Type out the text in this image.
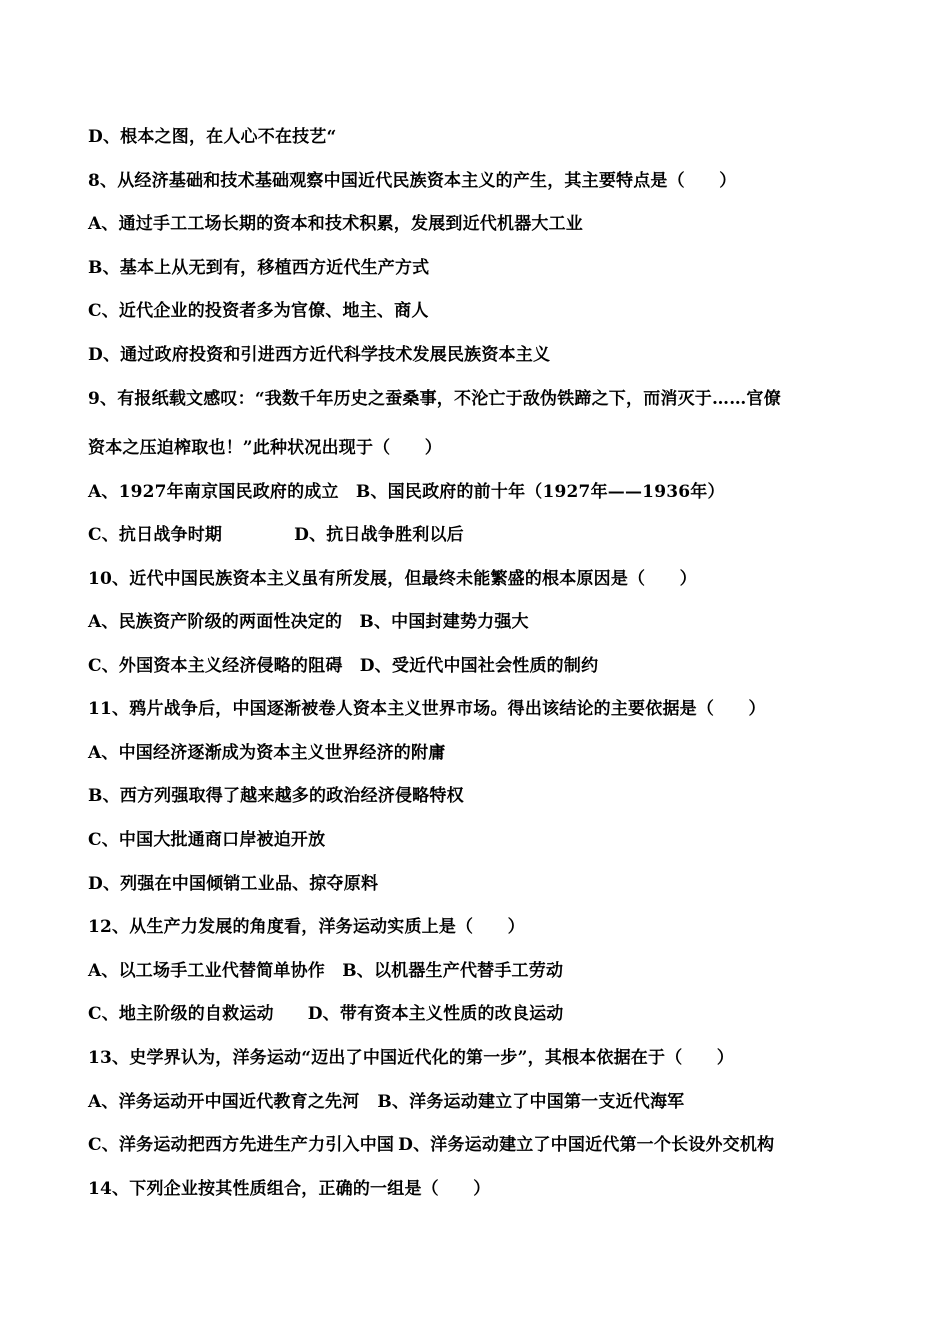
D、根本之图，在人心不在技艺“
8、从经济基础和技术基础观察中国近代民族资本主义的产生，其主要特点是（　　）
A、通过手工工场长期的资本和技术积累，发展到近代机器大工业
B、基本上从无到有，移植西方近代生产方式
C、近代企业的投资者多为官僚、地主、商人
D、通过政府投资和引进西方近代科学技术发展民族资本主义
9、有报纸载文感叹：“我数千年历史之蚕桑事，不沦亡于敌伪铁蹄之下，而消灭于……官僚
资本之压迫榨取也！”此种状况出现于（　　）
A、1927年南京国民政府的成立　B、国民政府的前十年（1927年——1936年）
C、抗日战争时期	D、抗日战争胜利以后
10、近代中国民族资本主义虽有所发展，但最终未能繁盛的根本原因是（　　）
A、民族资产阶级的两面性决定的　B、中国封建势力强大
C、外国资本主义经济侵略的阻碍　D、受近代中国社会性质的制约
11、鸦片战争后，中国逐渐被卷人资本主义世界市场。得出该结论的主要依据是（　　）
A、中国经济逐渐成为资本主义世界经济的附庸
B、西方列强取得了越来越多的政治经济侵略特权
C、中国大批通商口岸被迫开放
D、列强在中国倾销工业品、掠夺原料
12、从生产力发展的角度看，洋务运动实质上是（　　）
A、以工场手工业代替简单协作　B、以机器生产代替手工劳动
C、地主阶级的自救运动 D、带有资本主义性质的改良运动
13、史学界认为，洋务运动“迈出了中国近代化的第一步”，其根本依据在于（　　）
A、洋务运动开中国近代教育之先河 B、洋务运动建立了中国第一支近代海军
C、洋务运动把西方先进生产力引入中国 D、洋务运动建立了中国近代第一个长设外交机构
14、下列企业按其性质组合，正确的一组是（　　）
